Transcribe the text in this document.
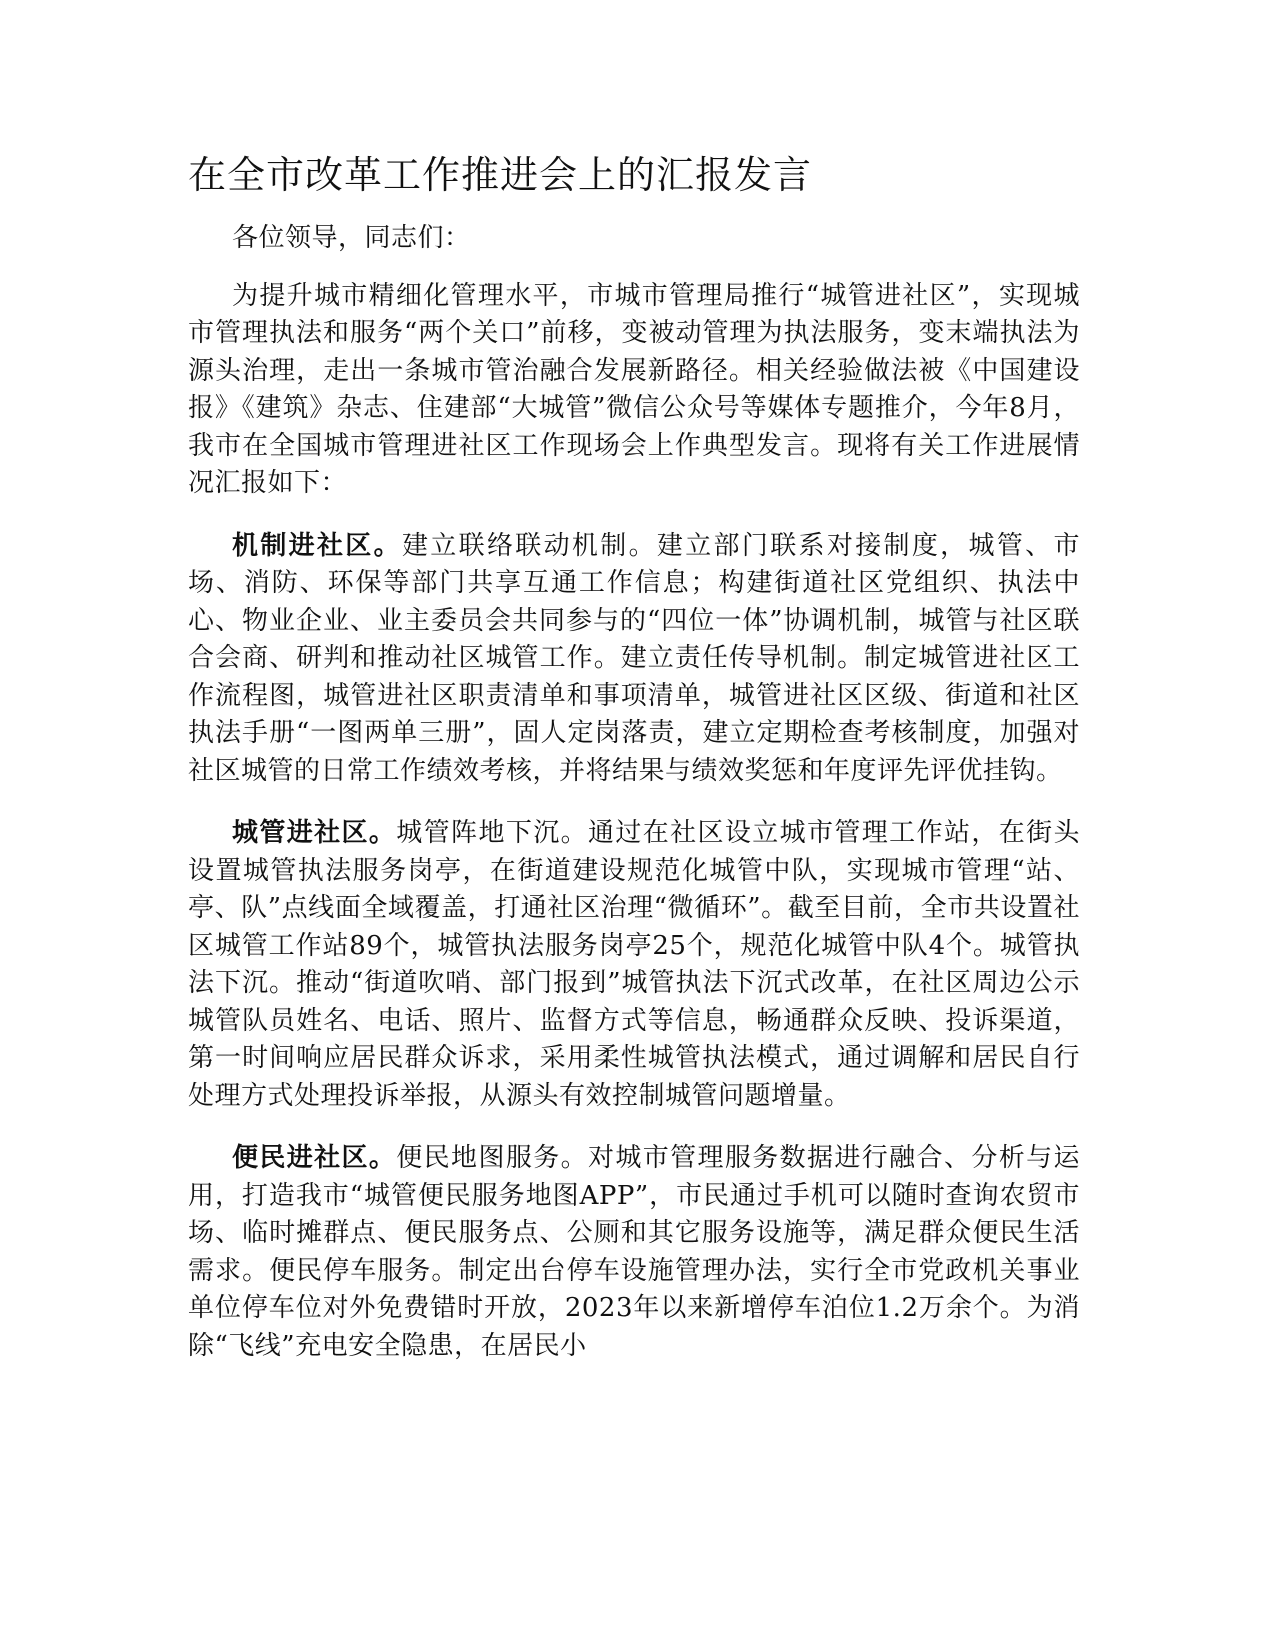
在全市改革工作推进会上的汇报发言

各位领导，同志们：

为提升城市精细化管理水平，市城市管理局推行“城管进社区”，实现城市管理执法和服务“两个关口”前移，变被动管理为执法服务，变末端执法为源头治理，走出一条城市管治融合发展新路径。相关经验做法被《中国建设报》《建筑》杂志、住建部“大城管”微信公众号等媒体专题推介，今年8月，我市在全国城市管理进社区工作现场会上作典型发言。现将有关工作进展情况汇报如下：

机制进社区。建立联络联动机制。建立部门联系对接制度，城管、市场、消防、环保等部门共享互通工作信息；构建街道社区党组织、执法中心、物业企业、业主委员会共同参与的“四位一体”协调机制，城管与社区联合会商、研判和推动社区城管工作。建立责任传导机制。制定城管进社区工作流程图，城管进社区职责清单和事项清单，城管进社区区级、街道和社区执法手册“一图两单三册”，固人定岗落责，建立定期检查考核制度，加强对社区城管的日常工作绩效考核，并将结果与绩效奖惩和年度评先评优挂钩。

城管进社区。城管阵地下沉。通过在社区设立城市管理工作站，在街头设置城管执法服务岗亭，在街道建设规范化城管中队，实现城市管理“站、亭、队”点线面全域覆盖，打通社区治理“微循环”。截至目前，全市共设置社区城管工作站89个，城管执法服务岗亭25个，规范化城管中队4个。城管执法下沉。推动“街道吹哨、部门报到”城管执法下沉式改革，在社区周边公示城管队员姓名、电话、照片、监督方式等信息，畅通群众反映、投诉渠道，第一时间响应居民群众诉求，采用柔性城管执法模式，通过调解和居民自行处理方式处理投诉举报，从源头有效控制城管问题增量。

便民进社区。便民地图服务。对城市管理服务数据进行融合、分析与运用，打造我市“城管便民服务地图APP”，市民通过手机可以随时查询农贸市场、临时摊群点、便民服务点、公厕和其它服务设施等，满足群众便民生活需求。便民停车服务。制定出台停车设施管理办法，实行全市党政机关事业单位停车位对外免费错时开放，2023年以来新增停车泊位1.2万余个。为消除“飞线”充电安全隐患，在居民小
